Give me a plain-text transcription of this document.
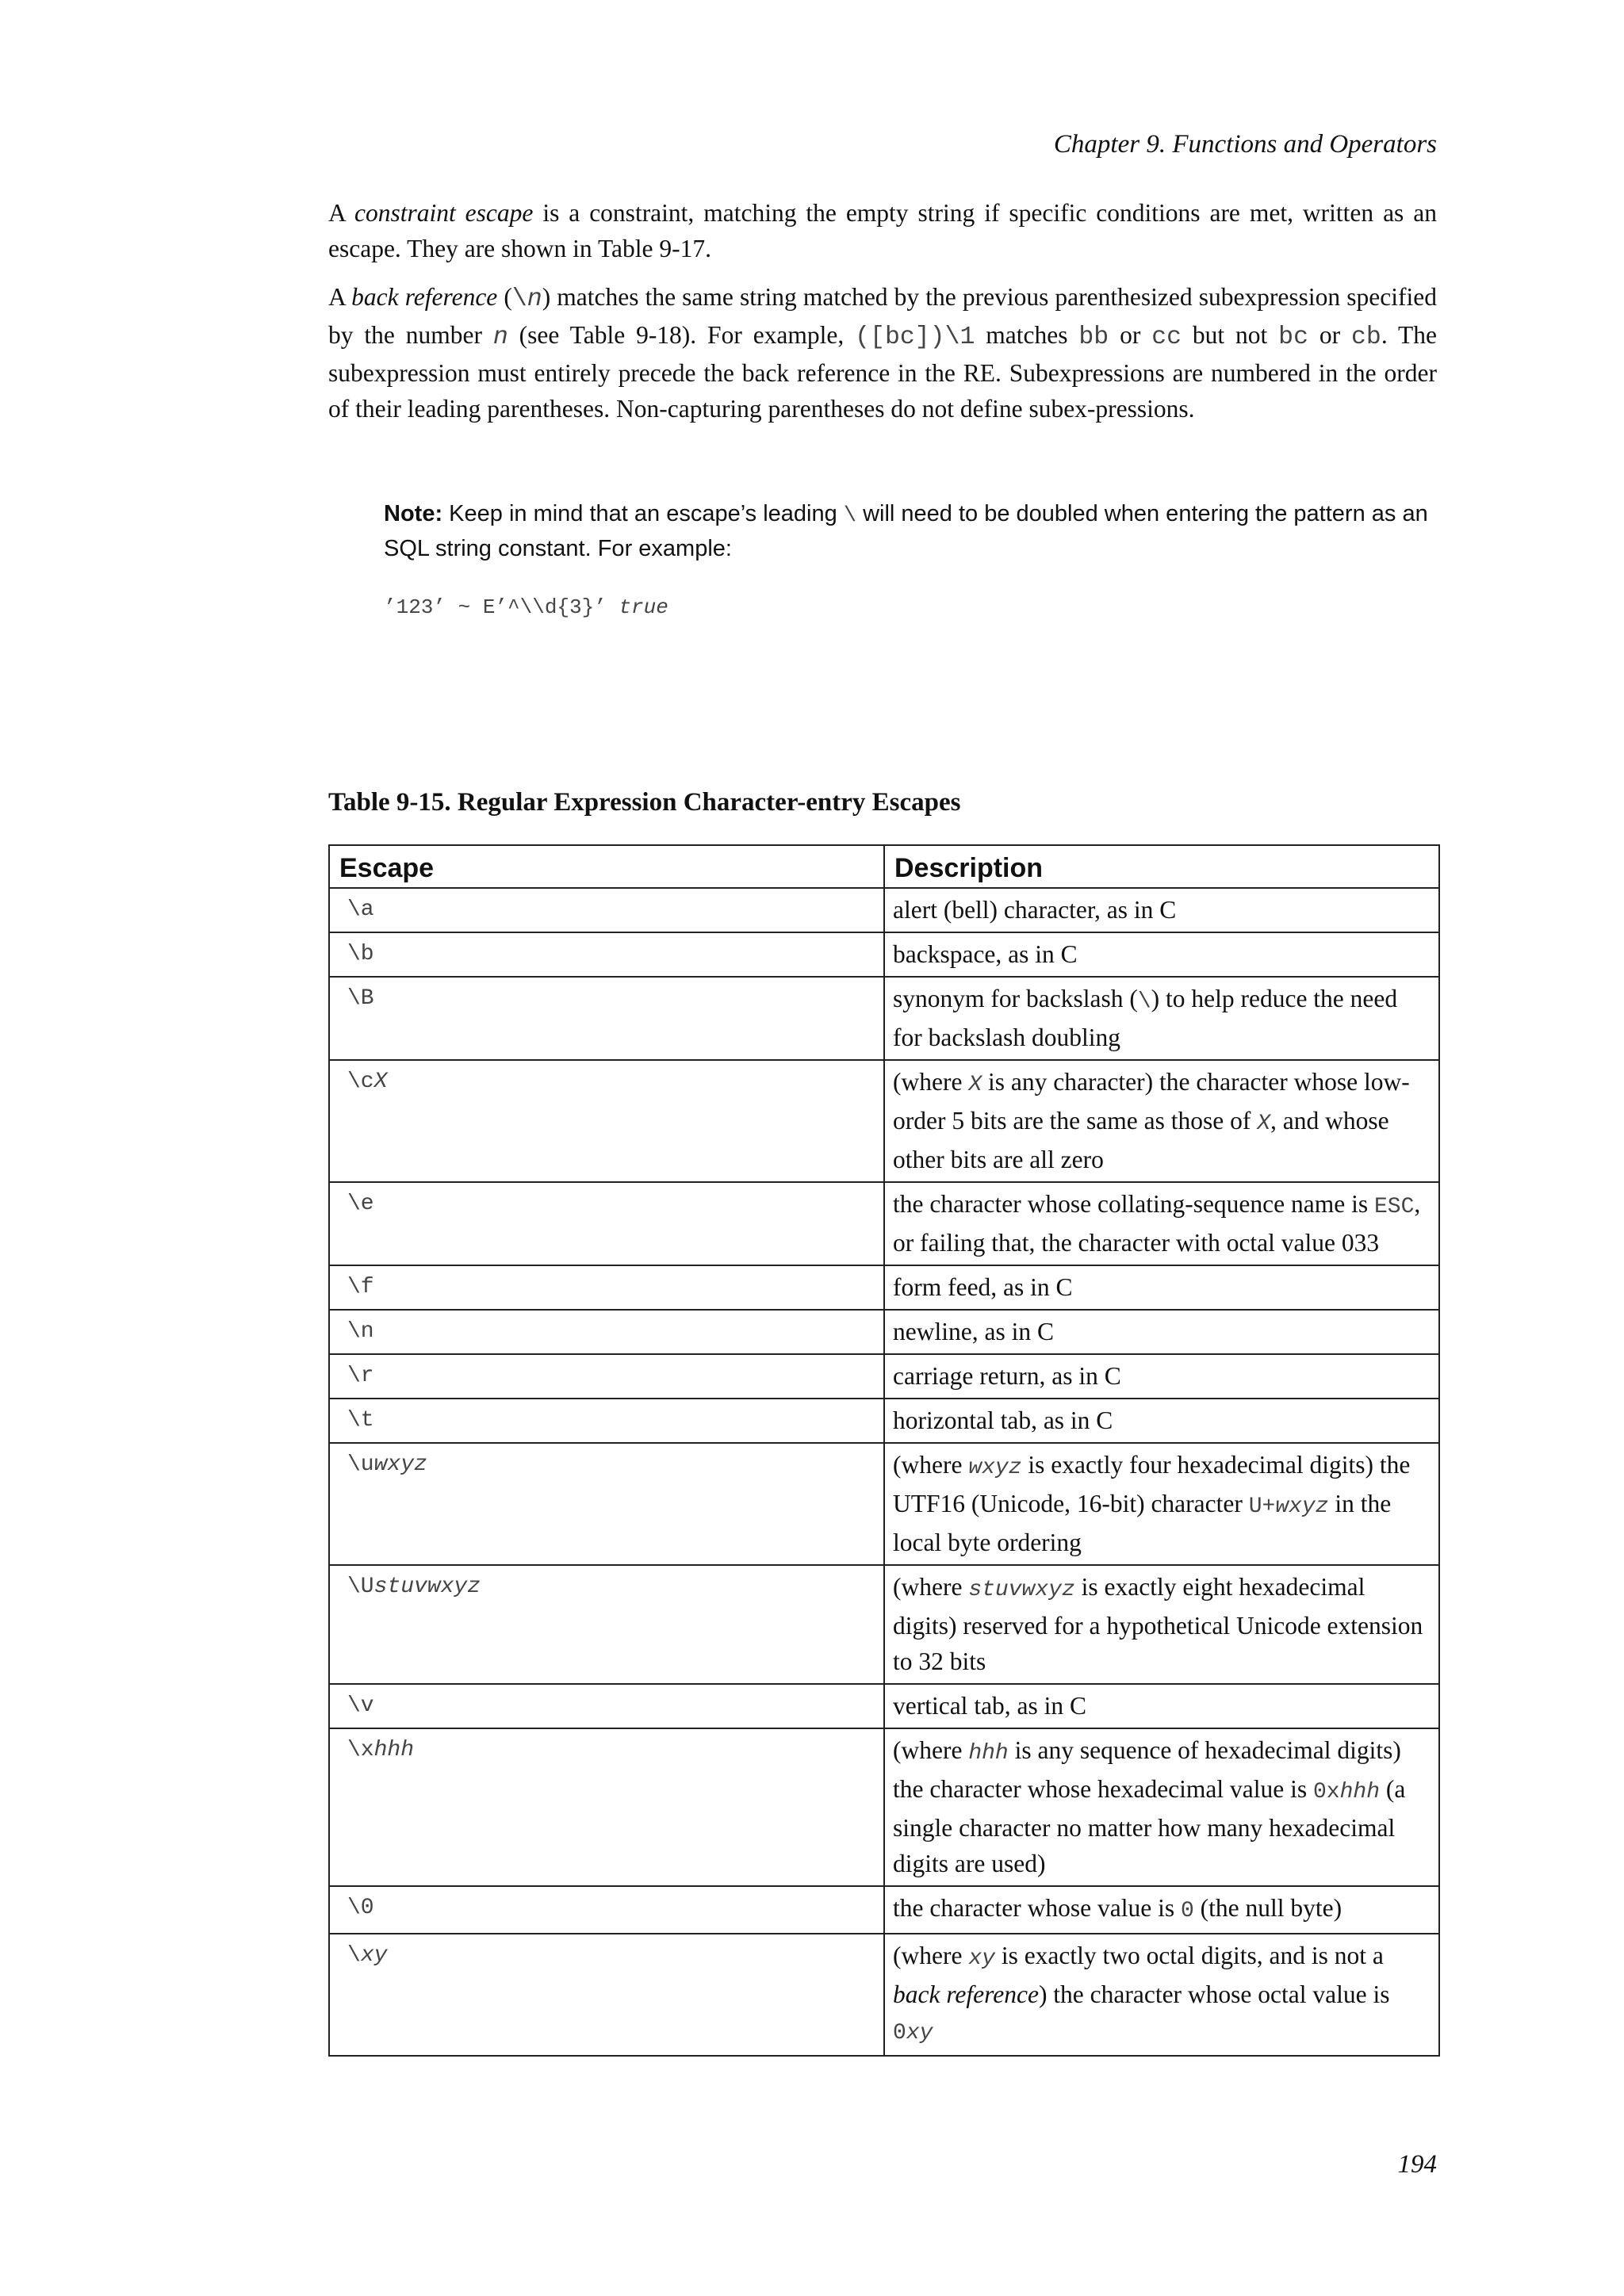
Chapter 9. Functions and Operators

A constraint escape is a constraint, matching the empty string if specific conditions are met, written as an escape. They are shown in Table 9-17.

A back reference (\n) matches the same string matched by the previous parenthesized subexpression specified by the number n (see Table 9-18). For example, ([bc])\1 matches bb or cc but not bc or cb. The subexpression must entirely precede the back reference in the RE. Subexpressions are numbered in the order of their leading parentheses. Non-capturing parentheses do not define subex-pressions.

Note: Keep in mind that an escape’s leading \ will need to be doubled when entering the pattern as an SQL string constant. For example:

’123’ ~ E’^\\d{3}’ true
Table 9-15. Regular Expression Character-entry Escapes
Escape	Description
\a	alert (bell) character, as in C
\b	backspace, as in C
\B	synonym for backslash (\) to help reduce the need for backslash doubling
\cX	(where X is any character) the character whose low-order 5 bits are the same as those of X, and whose other bits are all zero
\e	the character whose collating-sequence name is ESC, or failing that, the character with octal value 033
\f	form feed, as in C
\n	newline, as in C
\r	carriage return, as in C
\t	horizontal tab, as in C
\uwxyz	(where wxyz is exactly four hexadecimal digits) the UTF16 (Unicode, 16-bit) character U+wxyz in the local byte ordering
\Ustuvwxyz	(where stuvwxyz is exactly eight hexadecimal digits) reserved for a hypothetical Unicode extension to 32 bits
\v	vertical tab, as in C
\xhhh	(where hhh is any sequence of hexadecimal digits) the character whose hexadecimal value is 0xhhh (a single character no matter how many hexadecimal digits are used)
\0	the character whose value is 0 (the null byte)
\xy	(where xy is exactly two octal digits, and is not a back reference) the character whose octal value is 0xy
194
